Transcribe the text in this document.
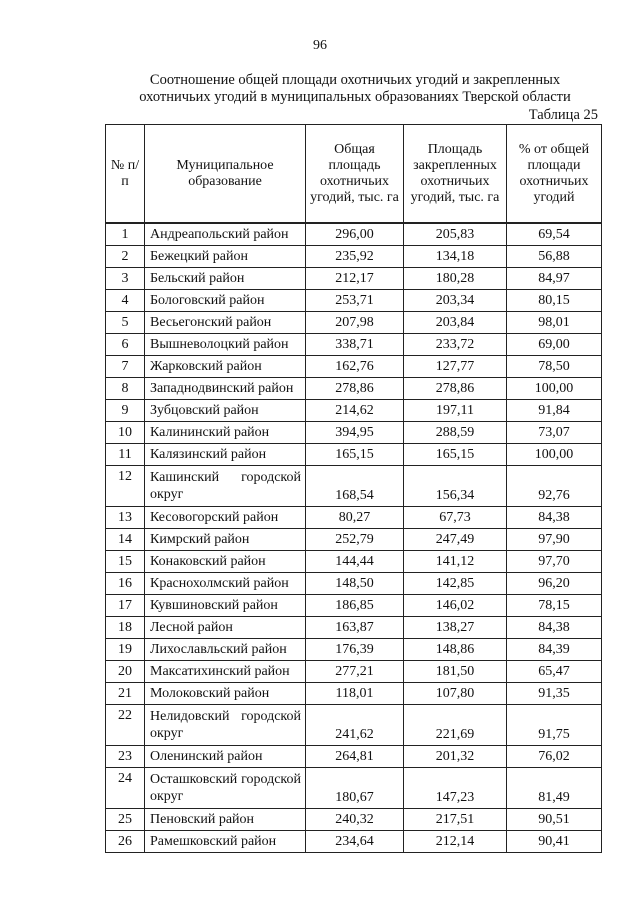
96
Соотношение общей площади охотничьих угодий и закрепленных
охотничьих угодий в муниципальных образованиях Тверской области
Таблица 25
№ п/п	Муниципальное образование	Общая площадь охотничьих угодий, тыс. га	Площадь закрепленных охотничьих угодий, тыс. га	% от общей площади охотничьих угодий
1	Андреапольский район	296,00	205,83	69,54
2	Бежецкий район	235,92	134,18	56,88
3	Бельский район	212,17	180,28	84,97
4	Бологовский район	253,71	203,34	80,15
5	Весьегонский район	207,98	203,84	98,01
6	Вышневолоцкий район	338,71	233,72	69,00
7	Жарковский район	162,76	127,77	78,50
8	Западнодвинский район	278,86	278,86	100,00
9	Зубцовский район	214,62	197,11	91,84
10	Калининский район	394,95	288,59	73,07
11	Калязинский район	165,15	165,15	100,00
12	Кашинский городской округ	168,54	156,34	92,76
13	Кесовогорский район	80,27	67,73	84,38
14	Кимрский район	252,79	247,49	97,90
15	Конаковский район	144,44	141,12	97,70
16	Краснохолмский район	148,50	142,85	96,20
17	Кувшиновский район	186,85	146,02	78,15
18	Лесной район	163,87	138,27	84,38
19	Лихославльский район	176,39	148,86	84,39
20	Максатихинский район	277,21	181,50	65,47
21	Молоковский район	118,01	107,80	91,35
22	Нелидовский городской округ	241,62	221,69	91,75
23	Оленинский район	264,81	201,32	76,02
24	Осташковский городской округ	180,67	147,23	81,49
25	Пеновский район	240,32	217,51	90,51
26	Рамешковский район	234,64	212,14	90,41
